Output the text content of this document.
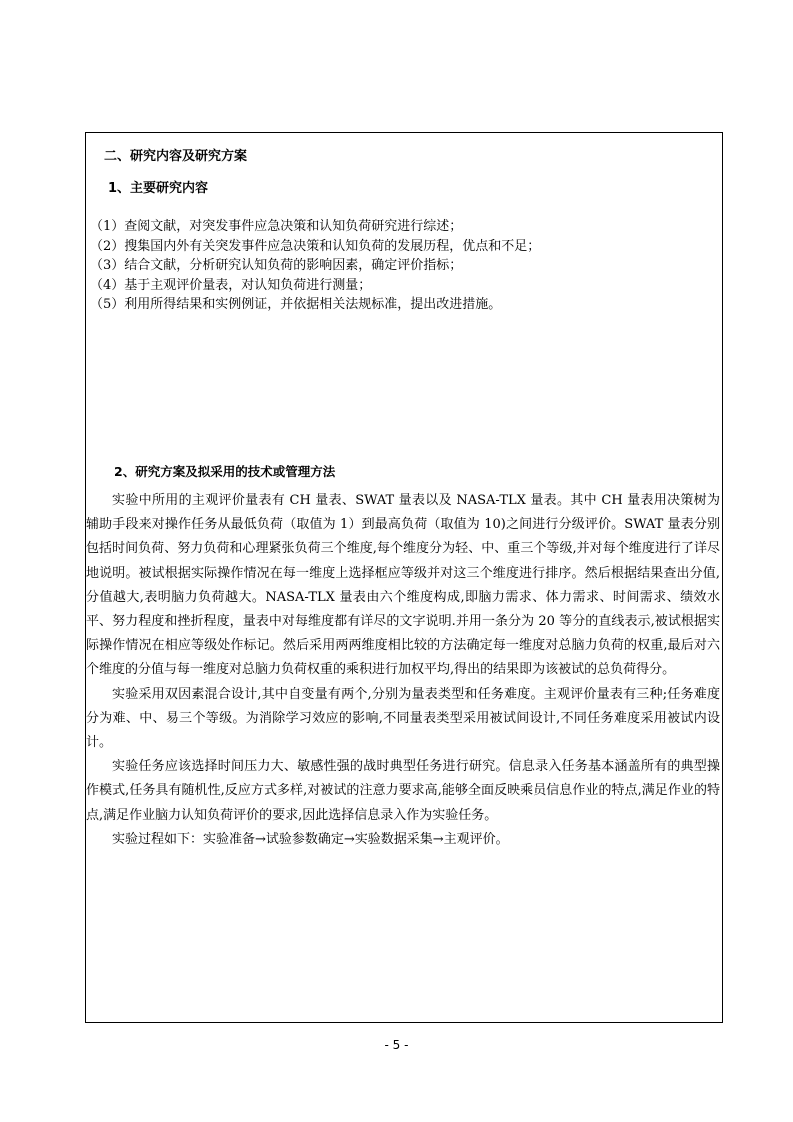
二、研究内容及研究方案
1、主要研究内容
（1）查阅文献，对突发事件应急决策和认知负荷研究进行综述；
（2）搜集国内外有关突发事件应急决策和认知负荷的发展历程，优点和不足；
（3）结合文献，分析研究认知负荷的影响因素，确定评价指标；
（4）基于主观评价量表，对认知负荷进行测量；
（5）利用所得结果和实例例证，并依据相关法规标准，提出改进措施。
2、研究方案及拟采用的技术或管理方法

实验中所用的主观评价量表有 CH 量表、SWAT 量表以及 NASA-TLX 量表。其中 CH 量表用决策树为辅助手段来对操作任务从最低负荷（取值为 1）到最高负荷（取值为 10)之间进行分级评价。SWAT 量表分别包括时间负荷、努力负荷和心理紧张负荷三个维度,每个维度分为轻、中、重三个等级,并对每个维度进行了详尽地说明。被试根据实际操作情况在每一维度上选择框应等级并对这三个维度进行排序。然后根据结果查出分值,分值越大,表明脑力负荷越大。NASA-TLX 量表由六个维度构成,即脑力需求、体力需求、时间需求、绩效水平、努力程度和挫折程度，量表中对每维度都有详尽的文字说明.并用一条分为 20 等分的直线表示,被试根据实际操作情况在相应等级处作标记。然后采用两两维度相比较的方法确定每一维度对总脑力负荷的权重,最后对六个维度的分值与每一维度对总脑力负荷权重的乘积进行加权平均,得出的结果即为该被试的总负荷得分。

实验采用双因素混合设计,其中自变量有两个,分别为量表类型和任务难度。主观评价量表有三种;任务难度分为难、中、易三个等级。为消除学习效应的影响,不同量表类型采用被试间设计,不同任务难度采用被试内设计。

实验任务应该选择时间压力大、敏感性强的战时典型任务进行研究。信息录入任务基本涵盖所有的典型操作模式,任务具有随机性,反应方式多样,对被试的注意力要求高,能够全面反映乘员信息作业的特点,满足作业的特点,满足作业脑力认知负荷评价的要求,因此选择信息录入作为实验任务。

实验过程如下：实验准备→试验参数确定→实验数据采集→主观评价。

- 5 -
